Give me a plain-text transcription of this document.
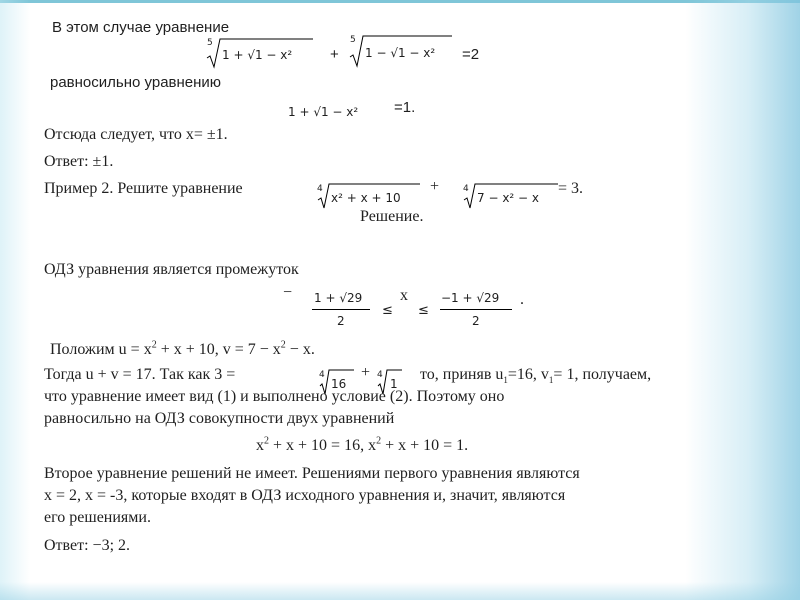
В этом случае уравнение
5
1 + √1 − x²	+
5
1 − √1 − x² =2
равносильно уравнению
1 + √1 − x² =1.
Отсюда следует, что x= ±1.
Ответ: ±1.
Пример 2. Решите уравнение	4
x² + x + 10
+	4
7 − x² − x
= 3.
Решение.
ОДЗ уравнения является промежуток
− 1 + √29
2
≤
x
≤
−1 + √29
2
.
Положим $u = x^2 + x + 10$, $v = 7 - x^2 - x$.
Тогда u + v = 17. Так как 3 =	4
16
+ 4
1
то, приняв $u_1=16$, $v_1= 1$, получаем,
что уравнение имеет вид (1) и выполнено условие (2). Поэтому оно
равносильно на ОДЗ совокупности двух уравнений
$x^2 + x + 10 = 16$, $x^2 + x + 10 = 1$.
Второе уравнение решений не имеет. Решениями первого уравнения являются
x = 2, x = -3, которые входят в ОДЗ исходного уравнения и, значит, являются
его решениями.
Ответ: −3; 2.
